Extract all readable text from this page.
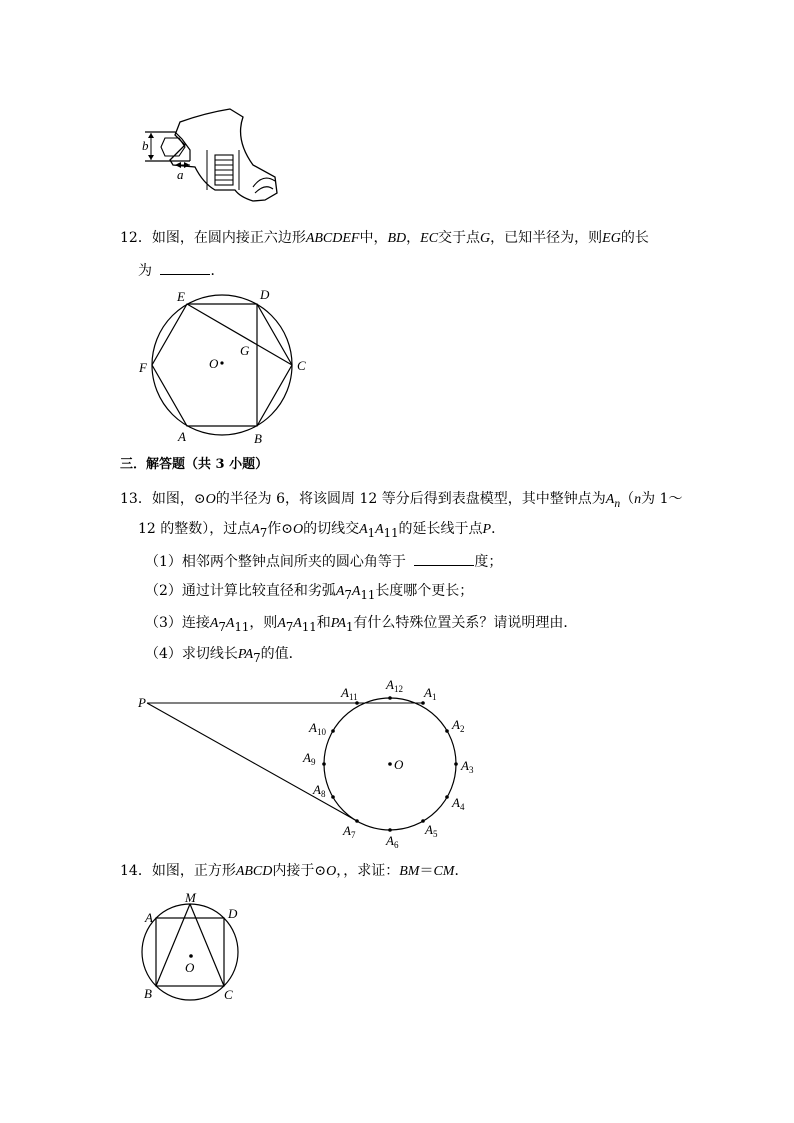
b
a
12．如图，在圆内接正六边形ABCDEF中，BD，EC交于点G，已知半径为，则EG的长
为	．
E	D
F	C
A	B
O
G
三．解答题（共 3 小题）
13．如图，⊙O的半径为 6，将该圆周 12 等分后得到表盘模型，其中整钟点为$A_n(n$为 1～
12 的整数），过点$A_7$作⊙O的切线交$A_1A_{11}$的延长线于点P．
（1）相邻两个整钟点间所夹的圆心角等于	度；
（2）通过计算比较直径和劣弧$A_7A_{11}$长度哪个更长；
（3）连接$A_7A_{11}$，则$A_7A_{11}$和$PA_1$有什么特殊位置关系？请说明理由．
（4）求切线长$PA_7$的值．
P
O
$A_{12}$ $A_1$
$A_2$
$A_3$
$A_4$
$A_5$
$A_6$
$A_7$
$A_8$
$A_9$
$A_{10}$
$A_{11}$
14．如图，正方形ABCD内接于⊙O，，求证：BM＝CM．
A
M
D
O
B	C
